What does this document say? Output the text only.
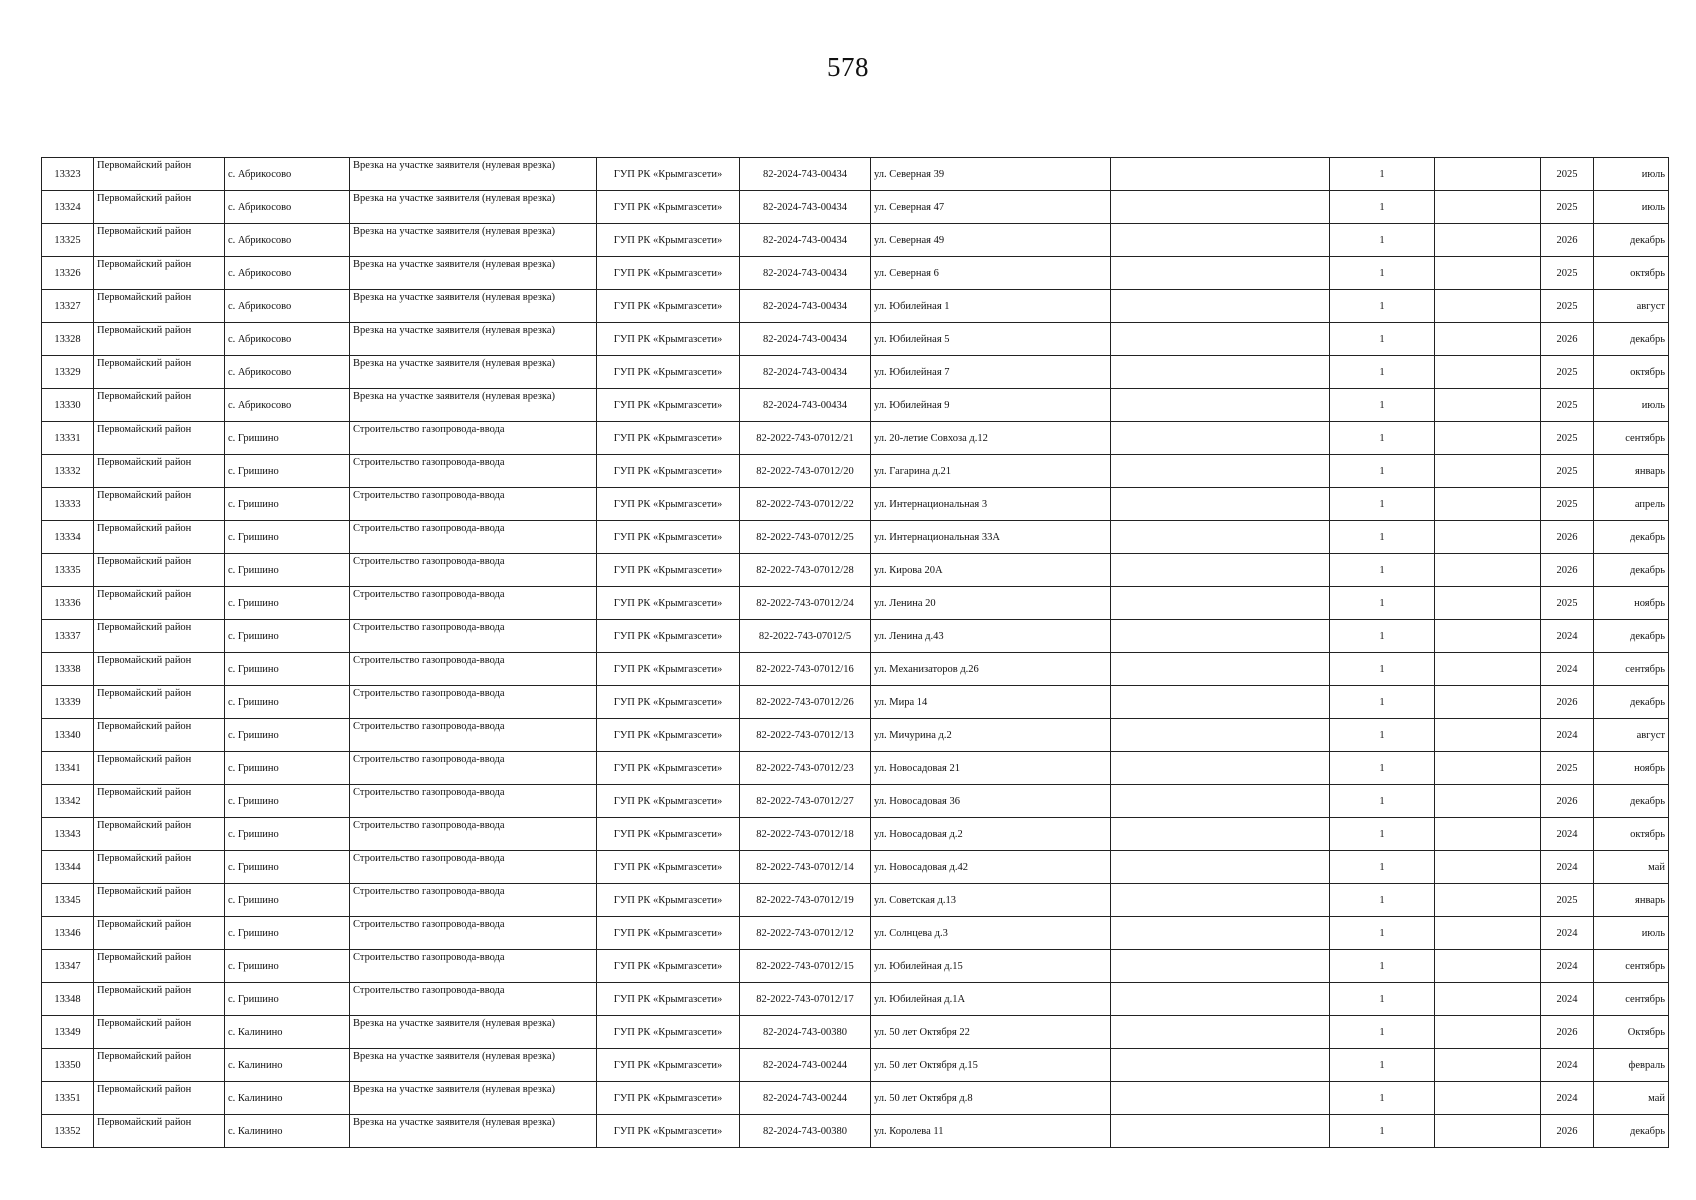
578
13323	Первомайский район	с. Абрикосово	Врезка на участке заявителя (нулевая врезка)	ГУП РК «Крымгазсети»	82-2024-743-00434	ул. Северная 39		1		2025	июль
13324	Первомайский район	с. Абрикосово	Врезка на участке заявителя (нулевая врезка)	ГУП РК «Крымгазсети»	82-2024-743-00434	ул. Северная 47		1		2025	июль
13325	Первомайский район	с. Абрикосово	Врезка на участке заявителя (нулевая врезка)	ГУП РК «Крымгазсети»	82-2024-743-00434	ул. Северная 49		1		2026	декабрь
13326	Первомайский район	с. Абрикосово	Врезка на участке заявителя (нулевая врезка)	ГУП РК «Крымгазсети»	82-2024-743-00434	ул. Северная 6		1		2025	октябрь
13327	Первомайский район	с. Абрикосово	Врезка на участке заявителя (нулевая врезка)	ГУП РК «Крымгазсети»	82-2024-743-00434	ул. Юбилейная 1		1		2025	август
13328	Первомайский район	с. Абрикосово	Врезка на участке заявителя (нулевая врезка)	ГУП РК «Крымгазсети»	82-2024-743-00434	ул. Юбилейная 5		1		2026	декабрь
13329	Первомайский район	с. Абрикосово	Врезка на участке заявителя (нулевая врезка)	ГУП РК «Крымгазсети»	82-2024-743-00434	ул. Юбилейная 7		1		2025	октябрь
13330	Первомайский район	с. Абрикосово	Врезка на участке заявителя (нулевая врезка)	ГУП РК «Крымгазсети»	82-2024-743-00434	ул. Юбилейная 9		1		2025	июль
13331	Первомайский район	с. Гришино	Строительство газопровода-ввода	ГУП РК «Крымгазсети»	82-2022-743-07012/21	ул. 20-летие Совхоза д.12		1		2025	сентябрь
13332	Первомайский район	с. Гришино	Строительство газопровода-ввода	ГУП РК «Крымгазсети»	82-2022-743-07012/20	ул. Гагарина д.21		1		2025	январь
13333	Первомайский район	с. Гришино	Строительство газопровода-ввода	ГУП РК «Крымгазсети»	82-2022-743-07012/22	ул. Интернациональная 3		1		2025	апрель
13334	Первомайский район	с. Гришино	Строительство газопровода-ввода	ГУП РК «Крымгазсети»	82-2022-743-07012/25	ул. Интернациональная 33А		1		2026	декабрь
13335	Первомайский район	с. Гришино	Строительство газопровода-ввода	ГУП РК «Крымгазсети»	82-2022-743-07012/28	ул. Кирова 20А		1		2026	декабрь
13336	Первомайский район	с. Гришино	Строительство газопровода-ввода	ГУП РК «Крымгазсети»	82-2022-743-07012/24	ул. Ленина 20		1		2025	ноябрь
13337	Первомайский район	с. Гришино	Строительство газопровода-ввода	ГУП РК «Крымгазсети»	82-2022-743-07012/5	ул. Ленина д.43		1		2024	декабрь
13338	Первомайский район	с. Гришино	Строительство газопровода-ввода	ГУП РК «Крымгазсети»	82-2022-743-07012/16	ул. Механизаторов д.26		1		2024	сентябрь
13339	Первомайский район	с. Гришино	Строительство газопровода-ввода	ГУП РК «Крымгазсети»	82-2022-743-07012/26	ул. Мира 14		1		2026	декабрь
13340	Первомайский район	с. Гришино	Строительство газопровода-ввода	ГУП РК «Крымгазсети»	82-2022-743-07012/13	ул. Мичурина д.2		1		2024	август
13341	Первомайский район	с. Гришино	Строительство газопровода-ввода	ГУП РК «Крымгазсети»	82-2022-743-07012/23	ул. Новосадовая 21		1		2025	ноябрь
13342	Первомайский район	с. Гришино	Строительство газопровода-ввода	ГУП РК «Крымгазсети»	82-2022-743-07012/27	ул. Новосадовая 36		1		2026	декабрь
13343	Первомайский район	с. Гришино	Строительство газопровода-ввода	ГУП РК «Крымгазсети»	82-2022-743-07012/18	ул. Новосадовая д.2		1		2024	октябрь
13344	Первомайский район	с. Гришино	Строительство газопровода-ввода	ГУП РК «Крымгазсети»	82-2022-743-07012/14	ул. Новосадовая д.42		1		2024	май
13345	Первомайский район	с. Гришино	Строительство газопровода-ввода	ГУП РК «Крымгазсети»	82-2022-743-07012/19	ул. Советская д.13		1		2025	январь
13346	Первомайский район	с. Гришино	Строительство газопровода-ввода	ГУП РК «Крымгазсети»	82-2022-743-07012/12	ул. Солнцева д.3		1		2024	июль
13347	Первомайский район	с. Гришино	Строительство газопровода-ввода	ГУП РК «Крымгазсети»	82-2022-743-07012/15	ул. Юбилейная д.15		1		2024	сентябрь
13348	Первомайский район	с. Гришино	Строительство газопровода-ввода	ГУП РК «Крымгазсети»	82-2022-743-07012/17	ул. Юбилейная д.1А		1		2024	сентябрь
13349	Первомайский район	с. Калинино	Врезка на участке заявителя (нулевая врезка)	ГУП РК «Крымгазсети»	82-2024-743-00380	ул. 50 лет Октября 22		1		2026	Октябрь
13350	Первомайский район	с. Калинино	Врезка на участке заявителя (нулевая врезка)	ГУП РК «Крымгазсети»	82-2024-743-00244	ул. 50 лет Октября д.15		1		2024	февраль
13351	Первомайский район	с. Калинино	Врезка на участке заявителя (нулевая врезка)	ГУП РК «Крымгазсети»	82-2024-743-00244	ул. 50 лет Октября д.8		1		2024	май
13352	Первомайский район	с. Калинино	Врезка на участке заявителя (нулевая врезка)	ГУП РК «Крымгазсети»	82-2024-743-00380	ул. Королева 11		1		2026	декабрь
